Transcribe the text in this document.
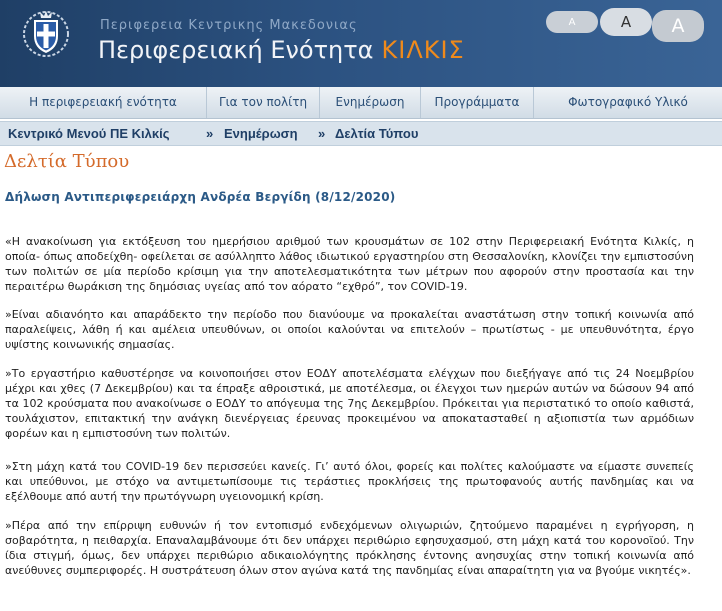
Περιφερεια Κεντρικης Μακεδονιας
Περιφερειακή Ενότητα ΚΙΛΚΙΣ
A	A	A
Η περιφερειακή ενότητα	Για τον πολίτη	Ενημέρωση	Προγράμματα	Φωτογραφικό Υλικό
Κεντρικό Μενού ΠΕ Κιλκίς	» Ενημέρωση » Δελτία Τύπου
Δελτία Τύπου
Δήλωση Αντιπεριφερειάρχη Ανδρέα Βεργίδη (8/12/2020)

«Η ανακοίνωση για εκτόξευση του ημερήσιου αριθμού των κρουσμάτων σε 102 στην Περιφερειακή Ενότητα Κιλκίς, η οποία- όπως αποδείχθη- οφείλεται σε ασύλληπτο λάθος ιδιωτικού εργαστηρίου στη Θεσσαλονίκη, κλονίζει την εμπιστοσύνη των πολιτών σε μία περίοδο κρίσιμη για την αποτελεσματικότητα των μέτρων που αφορούν στην προστασία και την περαιτέρω θωράκιση της δημόσιας υγείας από τον αόρατο “εχθρό”, τον COVID-19.

»Είναι αδιανόητο και απαράδεκτο την περίοδο που διανύουμε να προκαλείται αναστάτωση στην τοπική κοινωνία από παραλείψεις, λάθη ή και αμέλεια υπευθύνων, οι οποίοι καλούνται να επιτελούν – πρωτίστως - με υπευθυνότητα, έργο υψίστης κοινωνικής σημασίας.

»Το εργαστήριο καθυστέρησε να κοινοποιήσει στον ΕΟΔΥ αποτελέσματα ελέγχων που διεξήγαγε από τις 24 Νοεμβρίου μέχρι και χθες (7 Δεκεμβρίου) και τα έπραξε αθροιστικά, με αποτέλεσμα, οι έλεγχοι των ημερών αυτών να δώσουν 94 από τα 102 κρούσματα που ανακοίνωσε ο ΕΟΔΥ το απόγευμα της 7ης Δεκεμβρίου. Πρόκειται για περιστατικό το οποίο καθιστά, τουλάχιστον, επιτακτική την ανάγκη διενέργειας έρευνας προκειμένου να αποκατασταθεί η αξιοπιστία των αρμόδιων φορέων και η εμπιστοσύνη των πολιτών.

»Στη μάχη κατά του COVID-19 δεν περισσεύει κανείς. Γι’ αυτό όλοι, φορείς και πολίτες καλούμαστε να είμαστε συνεπείς και υπεύθυνοι, με στόχο να αντιμετωπίσουμε τις τεράστιες προκλήσεις της πρωτοφανούς αυτής πανδημίας και να εξέλθουμε από αυτή την πρωτόγνωρη υγειονομική κρίση.

»Πέρα από την επίρριψη ευθυνών ή τον εντοπισμό ενδεχόμενων ολιγωριών, ζητούμενο παραμένει η εγρήγορση, η σοβαρότητα, η πειθαρχία. Επαναλαμβάνουμε ότι δεν υπάρχει περιθώριο εφησυχασμού, στη μάχη κατά του κορονοϊού. Την ίδια στιγμή, όμως, δεν υπάρχει περιθώριο αδικαιολόγητης πρόκλησης έντονης ανησυχίας στην τοπική κοινωνία από ανεύθυνες συμπεριφορές. Η συστράτευση όλων στον αγώνα κατά της πανδημίας είναι απαραίτητη για να βγούμε νικητές».
